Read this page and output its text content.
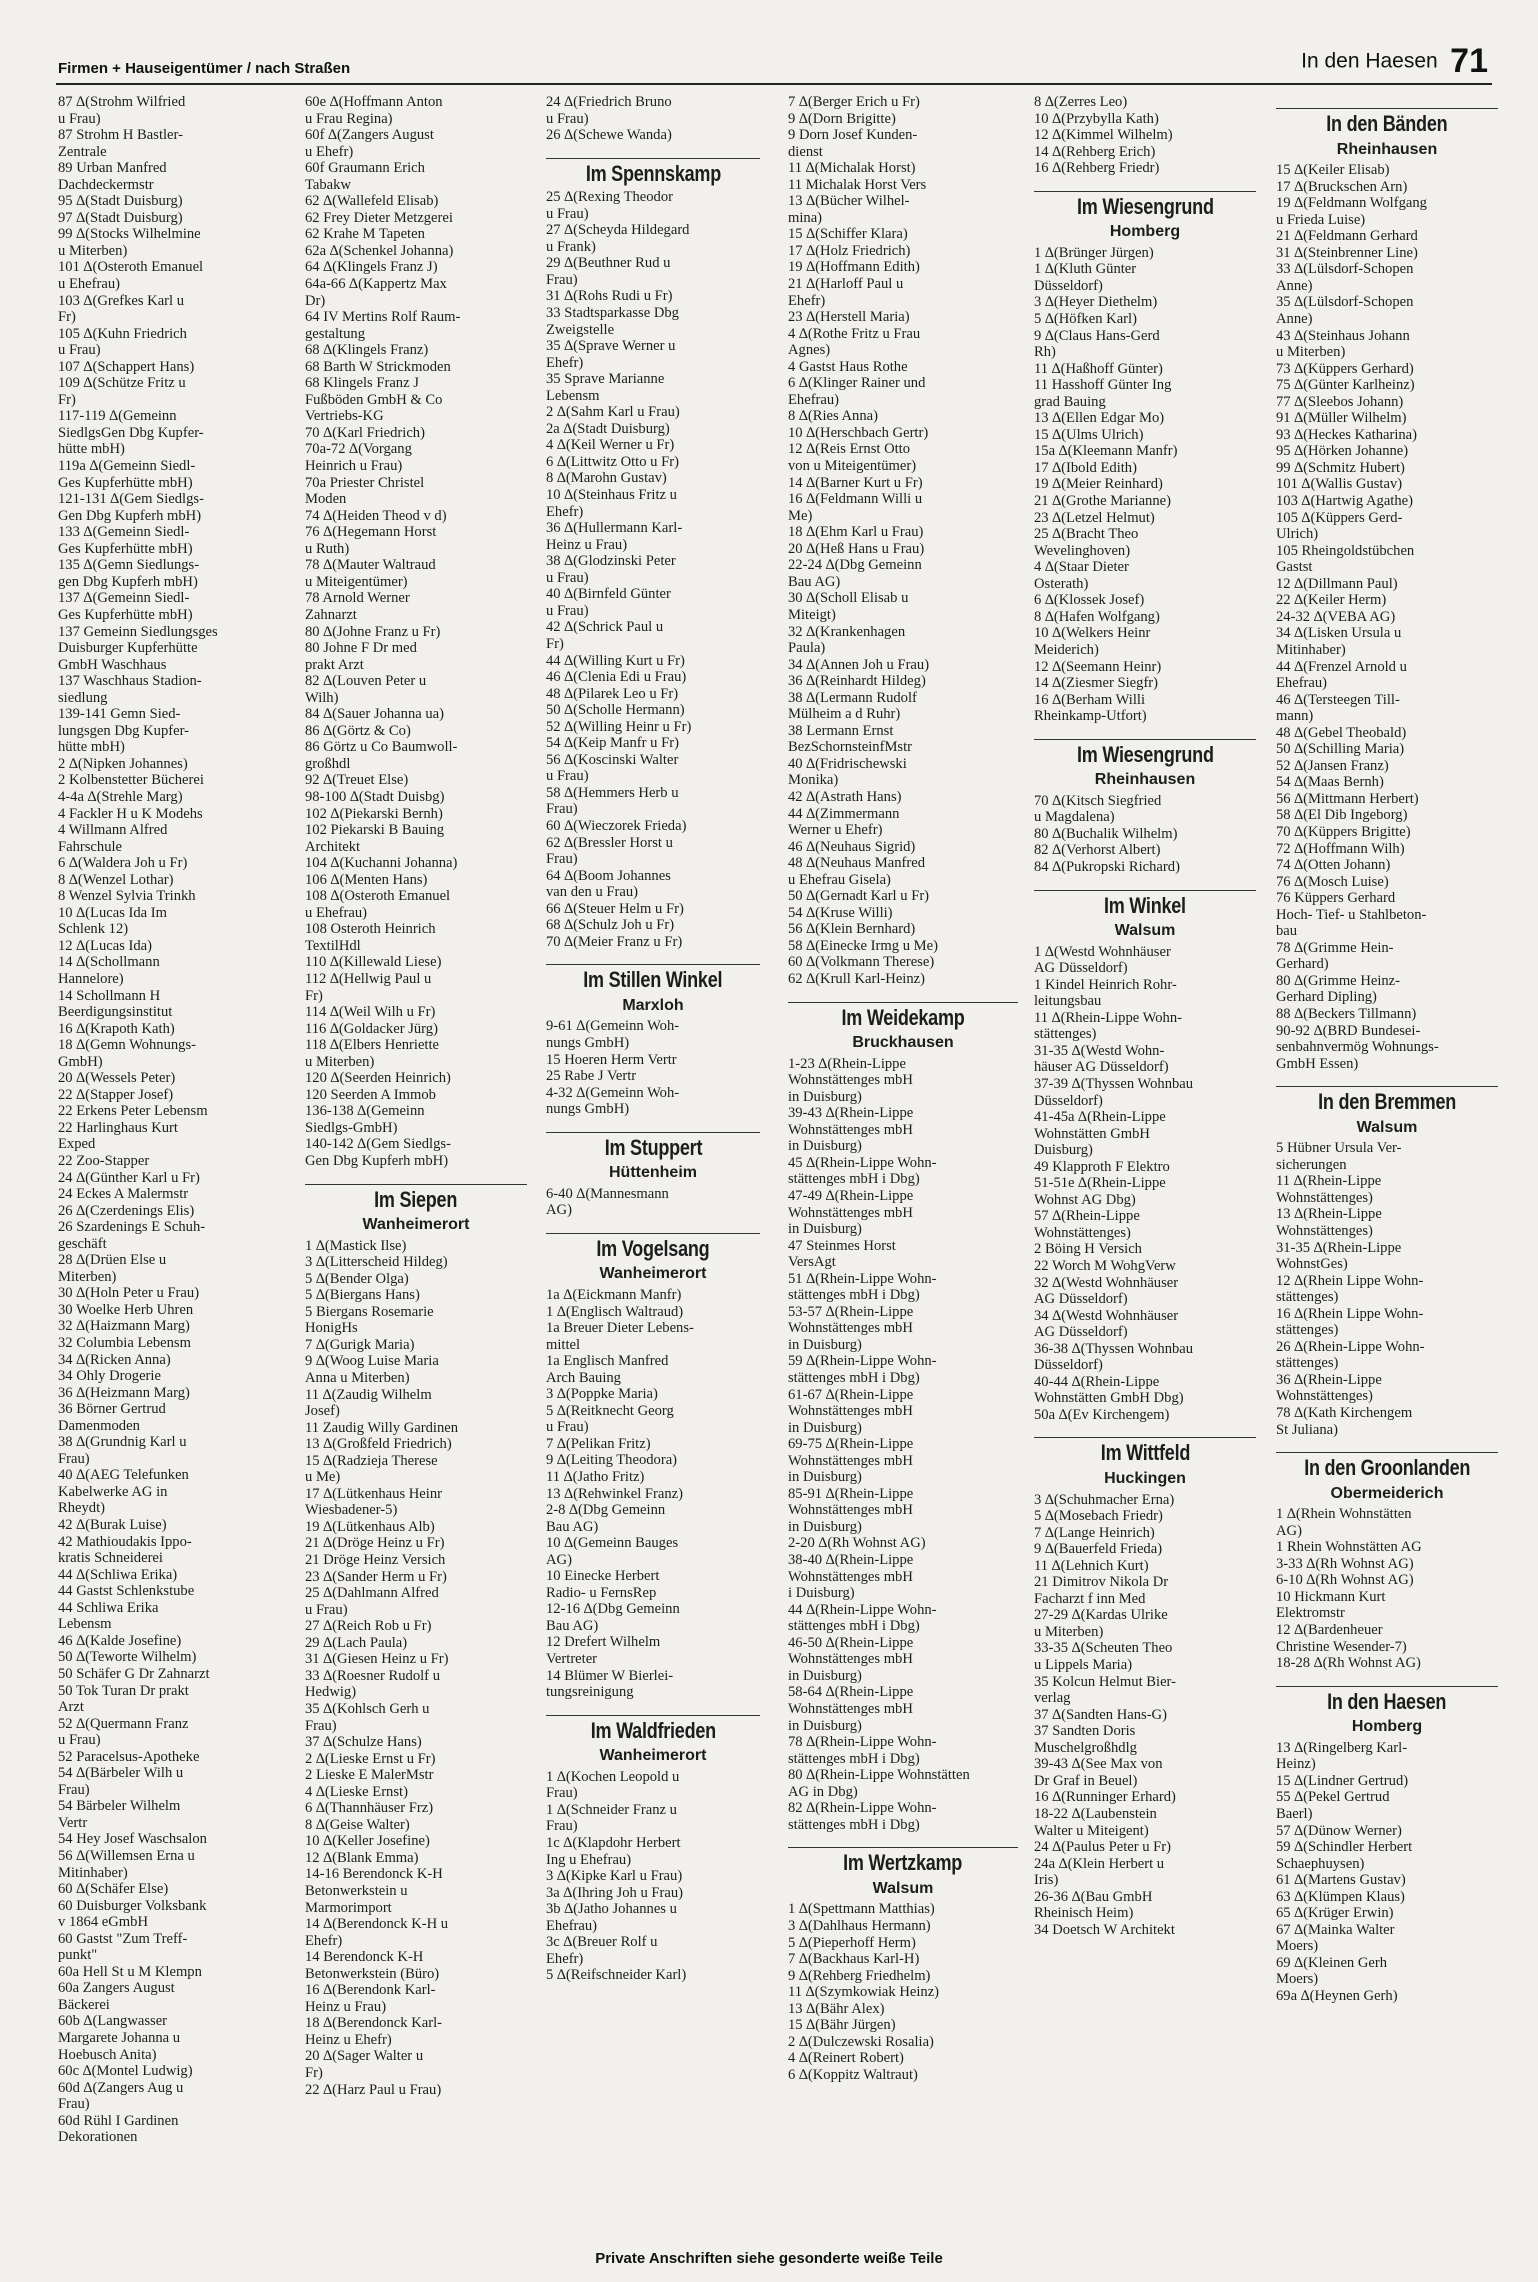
Firmen + Hauseigentümer / nach Straßen	In den Haesen 71
87 ∆(Strohm Wilfried
u Frau)
87 Strohm H Bastler-
Zentrale
89 Urban Manfred
Dachdeckermstr
95 ∆(Stadt Duisburg)
97 ∆(Stadt Duisburg)
99 ∆(Stocks Wilhelmine
u Miterben)
101 ∆(Osteroth Emanuel
u Ehefrau)
103 ∆(Grefkes Karl u
Fr)
105 ∆(Kuhn Friedrich
u Frau)
107 ∆(Schappert Hans)
109 ∆(Schütze Fritz u
Fr)
117-119 ∆(Gemeinn
SiedlgsGen Dbg Kupfer-
hütte mbH)
119a ∆(Gemeinn Siedl-
Ges Kupferhütte mbH)
121-131 ∆(Gem Siedlgs-
Gen Dbg Kupferh mbH)
133 ∆(Gemeinn Siedl-
Ges Kupferhütte mbH)
135 ∆(Gemn Siedlungs-
gen Dbg Kupferh mbH)
137 ∆(Gemeinn Siedl-
Ges Kupferhütte mbH)
137 Gemeinn Siedlungsges
Duisburger Kupferhütte
GmbH Waschhaus
137 Waschhaus Stadion-
siedlung
139-141 Gemn Sied-
lungsgen Dbg Kupfer-
hütte mbH)
2 ∆(Nipken Johannes)
2 Kolbenstetter Bücherei
4-4a ∆(Strehle Marg)
4 Fackler H u K Modehs
4 Willmann Alfred
Fahrschule
6 ∆(Waldera Joh u Fr)
8 ∆(Wenzel Lothar)
8 Wenzel Sylvia Trinkh
10 ∆(Lucas Ida Im
Schlenk 12)
12 ∆(Lucas Ida)
14 ∆(Schollmann
Hannelore)
14 Schollmann H
Beerdigungsinstitut
16 ∆(Krapoth Kath)
18 ∆(Gemn Wohnungs-
GmbH)
20 ∆(Wessels Peter)
22 ∆(Stapper Josef)
22 Erkens Peter Lebensm
22 Harlinghaus Kurt
Exped
22 Zoo-Stapper
24 ∆(Günther Karl u Fr)
24 Eckes A Malermstr
26 ∆(Czerdenings Elis)
26 Szardenings E Schuh-
geschäft
28 ∆(Drüen Else u
Miterben)
30 ∆(Holn Peter u Frau)
30 Woelke Herb Uhren
32 ∆(Haizmann Marg)
32 Columbia Lebensm
34 ∆(Ricken Anna)
34 Ohly Drogerie
36 ∆(Heizmann Marg)
36 Börner Gertrud
Damenmoden
38 ∆(Grundnig Karl u
Frau)
40 ∆(AEG Telefunken
Kabelwerke AG in
Rheydt)
42 ∆(Burak Luise)
42 Mathioudakis Ippo-
kratis Schneiderei
44 ∆(Schliwa Erika)
44 Gastst Schlenkstube
44 Schliwa Erika
Lebensm
46 ∆(Kalde Josefine)
50 ∆(Teworte Wilhelm)
50 Schäfer G Dr Zahnarzt
50 Tok Turan Dr prakt
Arzt
52 ∆(Quermann Franz
u Frau)
52 Paracelsus-Apotheke
54 ∆(Bärbeler Wilh u
Frau)
54 Bärbeler Wilhelm
Vertr
54 Hey Josef Waschsalon
56 ∆(Willemsen Erna u
Mitinhaber)
60 ∆(Schäfer Else)
60 Duisburger Volksbank
v 1864 eGmbH
60 Gastst "Zum Treff-
punkt"
60a Hell St u M Klempn
60a Zangers August
Bäckerei
60b ∆(Langwasser
Margarete Johanna u
Hoebusch Anita)
60c ∆(Montel Ludwig)
60d ∆(Zangers Aug u
Frau)
60d Rühl I Gardinen
Dekorationen
60e ∆(Hoffmann Anton
u Frau Regina)
60f ∆(Zangers August
u Ehefr)
60f Graumann Erich
Tabakw
62 ∆(Wallefeld Elisab)
62 Frey Dieter Metzgerei
62 Krahe M Tapeten
62a ∆(Schenkel Johanna)
64 ∆(Klingels Franz J)
64a-66 ∆(Kappertz Max
Dr)
64 IV Mertins Rolf Raum-
gestaltung
68 ∆(Klingels Franz)
68 Barth W Strickmoden
68 Klingels Franz J
Fußböden GmbH & Co
Vertriebs-KG
70 ∆(Karl Friedrich)
70a-72 ∆(Vorgang
Heinrich u Frau)
70a Priester Christel
Moden
74 ∆(Heiden Theod v d)
76 ∆(Hegemann Horst
u Ruth)
78 ∆(Mauter Waltraud
u Miteigentümer)
78 Arnold Werner
Zahnarzt
80 ∆(Johne Franz u Fr)
80 Johne F Dr med
prakt Arzt
82 ∆(Louven Peter u
Wilh)
84 ∆(Sauer Johanna ua)
86 ∆(Görtz & Co)
86 Görtz u Co Baumwoll-
großhdl
92 ∆(Treuet Else)
98-100 ∆(Stadt Duisbg)
102 ∆(Piekarski Bernh)
102 Piekarski B Bauing
Architekt
104 ∆(Kuchanni Johanna)
106 ∆(Menten Hans)
108 ∆(Osteroth Emanuel
u Ehefrau)
108 Osteroth Heinrich
TextilHdl
110 ∆(Killewald Liese)
112 ∆(Hellwig Paul u
Fr)
114 ∆(Weil Wilh u Fr)
116 ∆(Goldacker Jürg)
118 ∆(Elbers Henriette
u Miterben)
120 ∆(Seerden Heinrich)
120 Seerden A Immob
136-138 ∆(Gemeinn
Siedlgs-GmbH)
140-142 ∆(Gem Siedlgs-
Gen Dbg Kupferh mbH)
Im Siepen
Wanheimerort
1 ∆(Mastick Ilse)
3 ∆(Litterscheid Hildeg)
5 ∆(Bender Olga)
5 ∆(Biergans Hans)
5 Biergans Rosemarie
HonigHs
7 ∆(Gurigk Maria)
9 ∆(Woog Luise Maria
Anna u Miterben)
11 ∆(Zaudig Wilhelm
Josef)
11 Zaudig Willy Gardinen
13 ∆(Großfeld Friedrich)
15 ∆(Radzieja Therese
u Me)
17 ∆(Lütkenhaus Heinr
Wiesbadener-5)
19 ∆(Lütkenhaus Alb)
21 ∆(Dröge Heinz u Fr)
21 Dröge Heinz Versich
23 ∆(Sander Herm u Fr)
25 ∆(Dahlmann Alfred
u Frau)
27 ∆(Reich Rob u Fr)
29 ∆(Lach Paula)
31 ∆(Giesen Heinz u Fr)
33 ∆(Roesner Rudolf u
Hedwig)
35 ∆(Kohlsch Gerh u
Frau)
37 ∆(Schulze Hans)
2 ∆(Lieske Ernst u Fr)
2 Lieske E MalerMstr
4 ∆(Lieske Ernst)
6 ∆(Thannhäuser Frz)
8 ∆(Geise Walter)
10 ∆(Keller Josefine)
12 ∆(Blank Emma)
14-16 Berendonck K-H
Betonwerkstein u
Marmorimport
14 ∆(Berendonck K-H u
Ehefr)
14 Berendonck K-H
Betonwerkstein (Büro)
16 ∆(Berendonk Karl-
Heinz u Frau)
18 ∆(Berendonck Karl-
Heinz u Ehefr)
20 ∆(Sager Walter u
Fr)
22 ∆(Harz Paul u Frau)
24 ∆(Friedrich Bruno
u Frau)
26 ∆(Schewe Wanda)
Im Spennskamp
25 ∆(Rexing Theodor
u Frau)
27 ∆(Scheyda Hildegard
u Frank)
29 ∆(Beuthner Rud u
Frau)
31 ∆(Rohs Rudi u Fr)
33 Stadtsparkasse Dbg
Zweigstelle
35 ∆(Sprave Werner u
Ehefr)
35 Sprave Marianne
Lebensm
2 ∆(Sahm Karl u Frau)
2a ∆(Stadt Duisburg)
4 ∆(Keil Werner u Fr)
6 ∆(Littwitz Otto u Fr)
8 ∆(Marohn Gustav)
10 ∆(Steinhaus Fritz u
Ehefr)
36 ∆(Hullermann Karl-
Heinz u Frau)
38 ∆(Glodzinski Peter
u Frau)
40 ∆(Birnfeld Günter
u Frau)
42 ∆(Schrick Paul u
Fr)
44 ∆(Willing Kurt u Fr)
46 ∆(Clenia Edi u Frau)
48 ∆(Pilarek Leo u Fr)
50 ∆(Scholle Hermann)
52 ∆(Willing Heinr u Fr)
54 ∆(Keip Manfr u Fr)
56 ∆(Koscinski Walter
u Frau)
58 ∆(Hemmers Herb u
Frau)
60 ∆(Wieczorek Frieda)
62 ∆(Bressler Horst u
Frau)
64 ∆(Boom Johannes
van den u Frau)
66 ∆(Steuer Helm u Fr)
68 ∆(Schulz Joh u Fr)
70 ∆(Meier Franz u Fr)
Im Stillen Winkel
Marxloh
9-61 ∆(Gemeinn Woh-
nungs GmbH)
15 Hoeren Herm Vertr
25 Rabe J Vertr
4-32 ∆(Gemeinn Woh-
nungs GmbH)
Im Stuppert
Hüttenheim
6-40 ∆(Mannesmann
AG)
Im Vogelsang
Wanheimerort
1a ∆(Eickmann Manfr)
1 ∆(Englisch Waltraud)
1a Breuer Dieter Lebens-
mittel
1a Englisch Manfred
Arch Bauing
3 ∆(Poppke Maria)
5 ∆(Reitknecht Georg
u Frau)
7 ∆(Pelikan Fritz)
9 ∆(Leiting Theodora)
11 ∆(Jatho Fritz)
13 ∆(Rehwinkel Franz)
2-8 ∆(Dbg Gemeinn
Bau AG)
10 ∆(Gemeinn Bauges
AG)
10 Einecke Herbert
Radio- u FernsRep
12-16 ∆(Dbg Gemeinn
Bau AG)
12 Drefert Wilhelm
Vertreter
14 Blümer W Bierlei-
tungsreinigung
Im Waldfrieden
Wanheimerort
1 ∆(Kochen Leopold u
Frau)
1 ∆(Schneider Franz u
Frau)
1c ∆(Klapdohr Herbert
Ing u Ehefrau)
3 ∆(Kipke Karl u Frau)
3a ∆(Ihring Joh u Frau)
3b ∆(Jatho Johannes u
Ehefrau)
3c ∆(Breuer Rolf u
Ehefr)
5 ∆(Reifschneider Karl)
7 ∆(Berger Erich u Fr)
9 ∆(Dorn Brigitte)
9 Dorn Josef Kunden-
dienst
11 ∆(Michalak Horst)
11 Michalak Horst Vers
13 ∆(Bücher Wilhel-
mina)
15 ∆(Schiffer Klara)
17 ∆(Holz Friedrich)
19 ∆(Hoffmann Edith)
21 ∆(Harloff Paul u
Ehefr)
23 ∆(Herstell Maria)
4 ∆(Rothe Fritz u Frau
Agnes)
4 Gastst Haus Rothe
6 ∆(Klinger Rainer und
Ehefrau)
8 ∆(Ries Anna)
10 ∆(Herschbach Gertr)
12 ∆(Reis Ernst Otto
von u Miteigentümer)
14 ∆(Barner Kurt u Fr)
16 ∆(Feldmann Willi u
Me)
18 ∆(Ehm Karl u Frau)
20 ∆(Heß Hans u Frau)
22-24 ∆(Dbg Gemeinn
Bau AG)
30 ∆(Scholl Elisab u
Miteigt)
32 ∆(Krankenhagen
Paula)
34 ∆(Annen Joh u Frau)
36 ∆(Reinhardt Hildeg)
38 ∆(Lermann Rudolf
Mülheim a d Ruhr)
38 Lermann Ernst
BezSchornsteinfMstr
40 ∆(Fridrischewski
Monika)
42 ∆(Astrath Hans)
44 ∆(Zimmermann
Werner u Ehefr)
46 ∆(Neuhaus Sigrid)
48 ∆(Neuhaus Manfred
u Ehefrau Gisela)
50 ∆(Gernadt Karl u Fr)
54 ∆(Kruse Willi)
56 ∆(Klein Bernhard)
58 ∆(Einecke Irmg u Me)
60 ∆(Volkmann Therese)
62 ∆(Krull Karl-Heinz)
Im Weidekamp
Bruckhausen
1-23 ∆(Rhein-Lippe
Wohnstättenges mbH
in Duisburg)
39-43 ∆(Rhein-Lippe
Wohnstättenges mbH
in Duisburg)
45 ∆(Rhein-Lippe Wohn-
stättenges mbH i Dbg)
47-49 ∆(Rhein-Lippe
Wohnstättenges mbH
in Duisburg)
47 Steinmes Horst
VersAgt
51 ∆(Rhein-Lippe Wohn-
stättenges mbH i Dbg)
53-57 ∆(Rhein-Lippe
Wohnstättenges mbH
in Duisburg)
59 ∆(Rhein-Lippe Wohn-
stättenges mbH i Dbg)
61-67 ∆(Rhein-Lippe
Wohnstättenges mbH
in Duisburg)
69-75 ∆(Rhein-Lippe
Wohnstättenges mbH
in Duisburg)
85-91 ∆(Rhein-Lippe
Wohnstättenges mbH
in Duisburg)
2-20 ∆(Rh Wohnst AG)
38-40 ∆(Rhein-Lippe
Wohnstättenges mbH
i Duisburg)
44 ∆(Rhein-Lippe Wohn-
stättenges mbH i Dbg)
46-50 ∆(Rhein-Lippe
Wohnstättenges mbH
in Duisburg)
58-64 ∆(Rhein-Lippe
Wohnstättenges mbH
in Duisburg)
78 ∆(Rhein-Lippe Wohn-
stättenges mbH i Dbg)
80 ∆(Rhein-Lippe Wohnstätten
AG in Dbg)
82 ∆(Rhein-Lippe Wohn-
stättenges mbH i Dbg)
Im Wertzkamp
Walsum
1 ∆(Spettmann Matthias)
3 ∆(Dahlhaus Hermann)
5 ∆(Pieperhoff Herm)
7 ∆(Backhaus Karl-H)
9 ∆(Rehberg Friedhelm)
11 ∆(Szymkowiak Heinz)
13 ∆(Bähr Alex)
15 ∆(Bähr Jürgen)
2 ∆(Dulczewski Rosalia)
4 ∆(Reinert Robert)
6 ∆(Koppitz Waltraut)
8 ∆(Zerres Leo)
10 ∆(Przybylla Kath)
12 ∆(Kimmel Wilhelm)
14 ∆(Rehberg Erich)
16 ∆(Rehberg Friedr)
Im Wiesengrund
Homberg
1 ∆(Brünger Jürgen)
1 ∆(Kluth Günter
Düsseldorf)
3 ∆(Heyer Diethelm)
5 ∆(Höfken Karl)
9 ∆(Claus Hans-Gerd
Rh)
11 ∆(Haßhoff Günter)
11 Hasshoff Günter Ing
grad Bauing
13 ∆(Ellen Edgar Mo)
15 ∆(Ulms Ulrich)
15a ∆(Kleemann Manfr)
17 ∆(Ibold Edith)
19 ∆(Meier Reinhard)
21 ∆(Grothe Marianne)
23 ∆(Letzel Helmut)
25 ∆(Bracht Theo
Wevelinghoven)
4 ∆(Staar Dieter
Osterath)
6 ∆(Klossek Josef)
8 ∆(Hafen Wolfgang)
10 ∆(Welkers Heinr
Meiderich)
12 ∆(Seemann Heinr)
14 ∆(Ziesmer Siegfr)
16 ∆(Berham Willi
Rheinkamp-Utfort)
Im Wiesengrund
Rheinhausen
70 ∆(Kitsch Siegfried
u Magdalena)
80 ∆(Buchalik Wilhelm)
82 ∆(Verhorst Albert)
84 ∆(Pukropski Richard)
Im Winkel
Walsum
1 ∆(Westd Wohnhäuser
AG Düsseldorf)
1 Kindel Heinrich Rohr-
leitungsbau
11 ∆(Rhein-Lippe Wohn-
stättenges)
31-35 ∆(Westd Wohn-
häuser AG Düsseldorf)
37-39 ∆(Thyssen Wohnbau
Düsseldorf)
41-45a ∆(Rhein-Lippe
Wohnstätten GmbH
Duisburg)
49 Klapproth F Elektro
51-51e ∆(Rhein-Lippe
Wohnst AG Dbg)
57 ∆(Rhein-Lippe
Wohnstättenges)
2 Böing H Versich
22 Worch M WohgVerw
32 ∆(Westd Wohnhäuser
AG Düsseldorf)
34 ∆(Westd Wohnhäuser
AG Düsseldorf)
36-38 ∆(Thyssen Wohnbau
Düsseldorf)
40-44 ∆(Rhein-Lippe
Wohnstätten GmbH Dbg)
50a ∆(Ev Kirchengem)
Im Wittfeld
Huckingen
3 ∆(Schuhmacher Erna)
5 ∆(Mosebach Friedr)
7 ∆(Lange Heinrich)
9 ∆(Bauerfeld Frieda)
11 ∆(Lehnich Kurt)
21 Dimitrov Nikola Dr
Facharzt f inn Med
27-29 ∆(Kardas Ulrike
u Miterben)
33-35 ∆(Scheuten Theo
u Lippels Maria)
35 Kolcun Helmut Bier-
verlag
37 ∆(Sandten Hans-G)
37 Sandten Doris
Muschelgroßhdlg
39-43 ∆(See Max von
Dr Graf in Beuel)
16 ∆(Runninger Erhard)
18-22 ∆(Laubenstein
Walter u Miteigent)
24 ∆(Paulus Peter u Fr)
24a ∆(Klein Herbert u
Iris)
26-36 ∆(Bau GmbH
Rheinisch Heim)
34 Doetsch W Architekt
In den Bänden
Rheinhausen
15 ∆(Keiler Elisab)
17 ∆(Bruckschen Arn)
19 ∆(Feldmann Wolfgang
u Frieda Luise)
21 ∆(Feldmann Gerhard
31 ∆(Steinbrenner Line)
33 ∆(Lülsdorf-Schopen
Anne)
35 ∆(Lülsdorf-Schopen
Anne)
43 ∆(Steinhaus Johann
u Miterben)
73 ∆(Küppers Gerhard)
75 ∆(Günter Karlheinz)
77 ∆(Sleebos Johann)
91 ∆(Müller Wilhelm)
93 ∆(Heckes Katharina)
95 ∆(Hörken Johanne)
99 ∆(Schmitz Hubert)
101 ∆(Wallis Gustav)
103 ∆(Hartwig Agathe)
105 ∆(Küppers Gerd-
Ulrich)
105 Rheingoldstübchen
Gastst
12 ∆(Dillmann Paul)
22 ∆(Keiler Herm)
24-32 ∆(VEBA AG)
34 ∆(Lisken Ursula u
Mitinhaber)
44 ∆(Frenzel Arnold u
Ehefrau)
46 ∆(Tersteegen Till-
mann)
48 ∆(Gebel Theobald)
50 ∆(Schilling Maria)
52 ∆(Jansen Franz)
54 ∆(Maas Bernh)
56 ∆(Mittmann Herbert)
58 ∆(El Dib Ingeborg)
70 ∆(Küppers Brigitte)
72 ∆(Hoffmann Wilh)
74 ∆(Otten Johann)
76 ∆(Mosch Luise)
76 Küppers Gerhard
Hoch- Tief- u Stahlbeton-
bau
78 ∆(Grimme Hein-
Gerhard)
80 ∆(Grimme Heinz-
Gerhard Dipling)
88 ∆(Beckers Tillmann)
90-92 ∆(BRD Bundesei-
senbahnvermög Wohnungs-
GmbH Essen)
In den Bremmen
Walsum
5 Hübner Ursula Ver-
sicherungen
11 ∆(Rhein-Lippe
Wohnstättenges)
13 ∆(Rhein-Lippe
Wohnstättenges)
31-35 ∆(Rhein-Lippe
WohnstGes)
12 ∆(Rhein Lippe Wohn-
stättenges)
16 ∆(Rhein Lippe Wohn-
stättenges)
26 ∆(Rhein-Lippe Wohn-
stättenges)
36 ∆(Rhein-Lippe
Wohnstättenges)
78 ∆(Kath Kirchengem
St Juliana)
In den Groonlanden
Obermeiderich
1 ∆(Rhein Wohnstätten
AG)
1 Rhein Wohnstätten AG
3-33 ∆(Rh Wohnst AG)
6-10 ∆(Rh Wohnst AG)
10 Hickmann Kurt
Elektromstr
12 ∆(Bardenheuer
Christine Wesender-7)
18-28 ∆(Rh Wohnst AG)
In den Haesen
Homberg
13 ∆(Ringelberg Karl-
Heinz)
15 ∆(Lindner Gertrud)
55 ∆(Pekel Gertrud
Baerl)
57 ∆(Dünow Werner)
59 ∆(Schindler Herbert
Schaephuysen)
61 ∆(Martens Gustav)
63 ∆(Klümpen Klaus)
65 ∆(Krüger Erwin)
67 ∆(Mainka Walter
Moers)
69 ∆(Kleinen Gerh
Moers)
69a ∆(Heynen Gerh)
Private Anschriften siehe gesonderte weiße Teile
